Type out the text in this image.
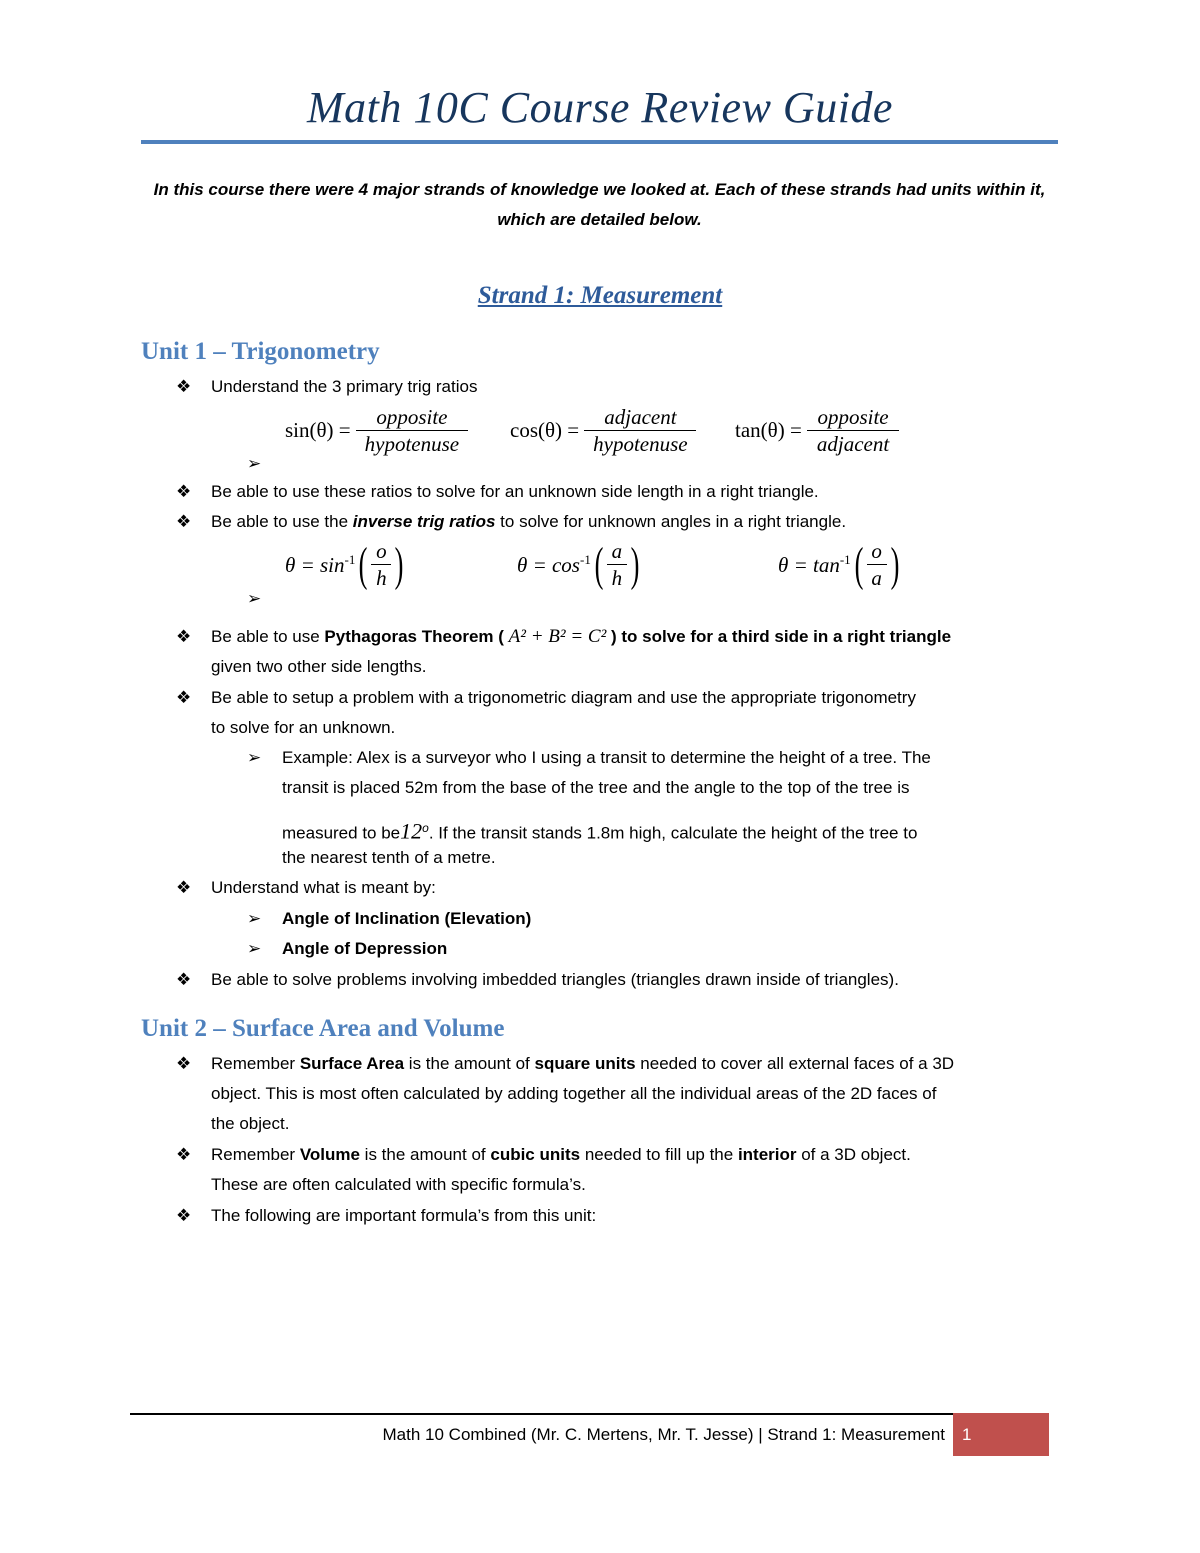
Math 10C Course Review Guide
In this course there were 4 major strands of knowledge we looked at. Each of these strands had units within it, which are detailed below.
Strand 1: Measurement
Unit 1 – Trigonometry
❖ Understand the 3 primary trig ratios
➢
$\sin(\theta) = \frac{\text{opposite}}{\text{hypotenuse}} \cos(\theta) = \frac{\text{adjacent}}{\text{hypotenuse}} \tan(\theta) = \frac{\text{opposite}}{\text{adjacent}}$
❖ Be able to use these ratios to solve for an unknown side length in a right triangle.
❖ Be able to use the inverse trig ratios to solve for unknown angles in a right triangle.
➢
$\theta = \sin^{-1}( \frac{o}{h}$ )	$\theta = \cos^{-1}( \frac{a}{h}$ )	$\theta = \tan^{-1}( \frac{o}{a}$ )
❖ Be able to use Pythagoras Theorem ( A² + B² = C² ) to solve for a third side in a right triangle
given two other side lengths.
❖ Be able to setup a problem with a trigonometric diagram and use the appropriate trigonometry
to solve for an unknown.
➢ Example: Alex is a surveyor who I using a transit to determine the height of a tree. The
transit is placed 52m from the base of the tree and the angle to the top of the tree is
measured to be12$^o$. If the transit stands 1.8m high, calculate the height of the tree to
the nearest tenth of a metre.
❖ Understand what is meant by:
➢ Angle of Inclination (Elevation)
➢ Angle of Depression
❖ Be able to solve problems involving imbedded triangles (triangles drawn inside of triangles).
Unit 2 – Surface Area and Volume
❖ Remember Surface Area is the amount of square units needed to cover all external faces of a 3D
object. This is most often calculated by adding together all the individual areas of the 2D faces of
the object.
❖ Remember Volume is the amount of cubic units needed to fill up the interior of a 3D object.
These are often calculated with specific formula’s.
❖ The following are important formula’s from this unit:
Math 10 Combined (Mr. C. Mertens, Mr. T. Jesse) | Strand 1: Measurement 1
